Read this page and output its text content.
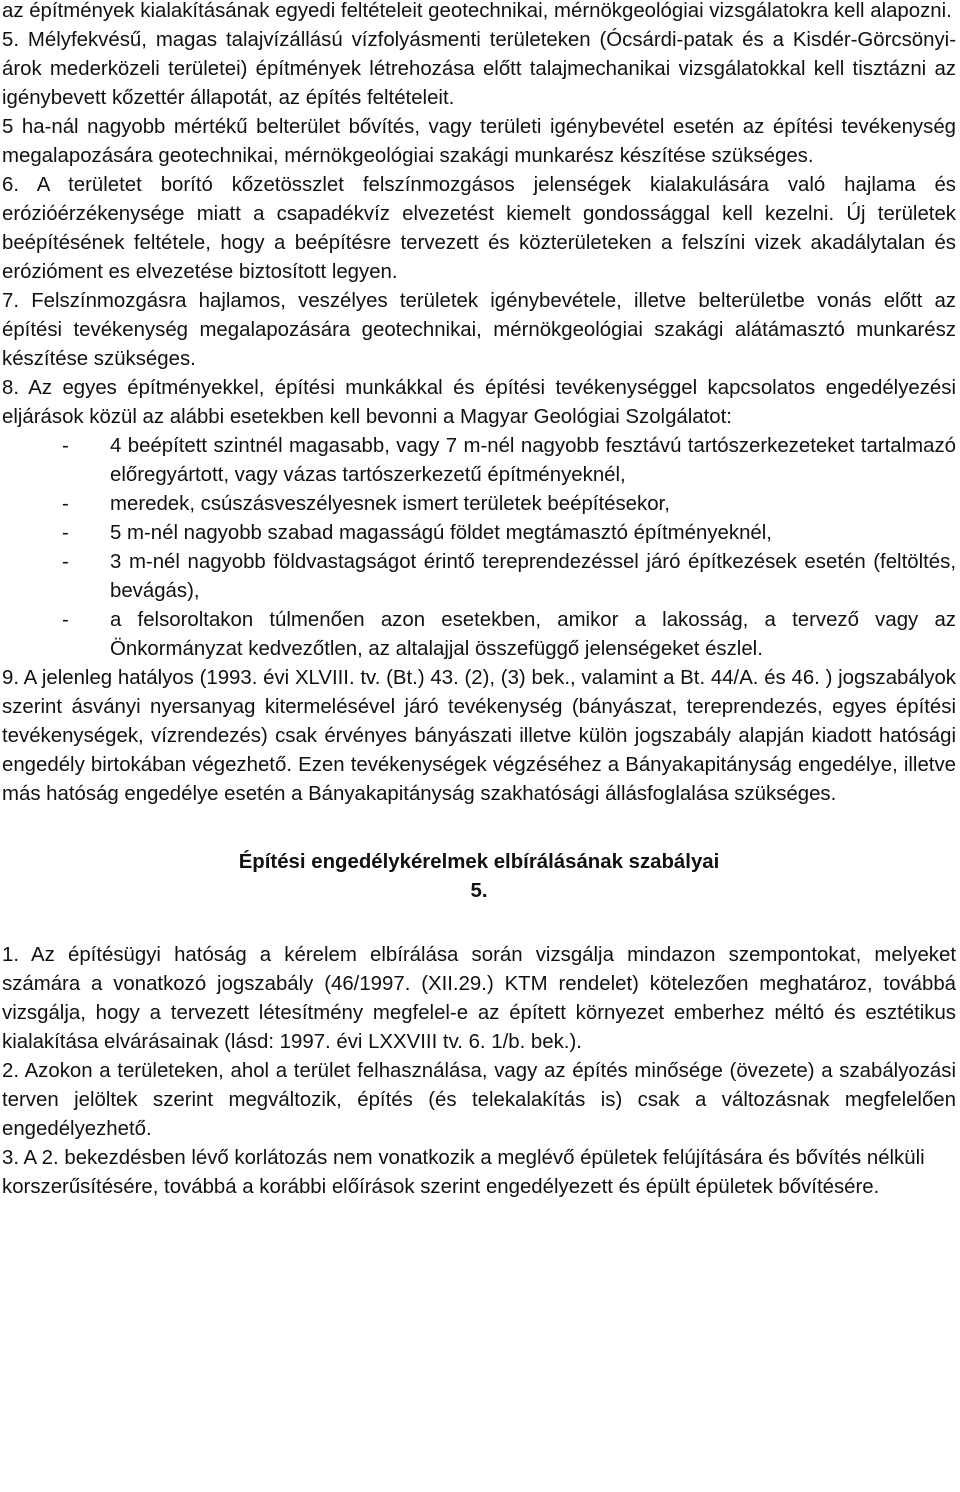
az építmények kialakításának egyedi feltételeit geotechnikai, mérnökgeológiai vizsgálatokra kell alapozni.

5. Mélyfekvésű, magas talajvízállású vízfolyásmenti területeken (Ócsárdi-patak és a Kisdér-Görcsönyi-árok mederközeli területei) építmények létrehozása előtt talajmechanikai vizsgálatokkal kell tisztázni az igénybevett kőzettér állapotát, az építés feltételeit.

5 ha-nál nagyobb mértékű belterület bővítés, vagy területi igénybevétel esetén az építési tevékenység megalapozására geotechnikai, mérnökgeológiai szakági munkarész készítése szükséges.

6. A területet borító kőzetösszlet felszínmozgásos jelenségek kialakulására való hajlama és erózióérzékenysége miatt a csapadékvíz elvezetést kiemelt gondossággal kell kezelni. Új területek beépítésének feltétele, hogy a beépítésre tervezett és közterületeken a felszíni vizek akadálytalan és erózióment es elvezetése biztosított legyen.

7. Felszínmozgásra hajlamos, veszélyes területek igénybevétele, illetve belterületbe vonás előtt az építési tevékenység megalapozására geotechnikai, mérnökgeológiai szakági alátámasztó munkarész készítése szükséges.

8. Az egyes építményekkel, építési munkákkal és építési tevékenységgel kapcsolatos engedélyezési eljárások közül az alábbi esetekben kell bevonni a Magyar Geológiai Szolgálatot:

- 4 beépített szintnél magasabb, vagy 7 m-nél nagyobb fesztávú tartószerkezeteket tartalmazó előregyártott, vagy vázas tartószerkezetű építményeknél,
- meredek, csúszásveszélyesnek ismert területek beépítésekor,
- 5 m-nél nagyobb szabad magasságú földet megtámasztó építményeknél,
- 3 m-nél nagyobb földvastagságot érintő tereprendezéssel járó építkezések esetén (feltöltés, bevágás),
- a felsoroltakon túlmenően azon esetekben, amikor a lakosság, a tervező vagy az Önkormányzat kedvezőtlen, az altalajjal összefüggő jelenségeket észlel.

9. A jelenleg hatályos (1993. évi XLVIII. tv. (Bt.) 43. (2), (3) bek., valamint a Bt. 44/A. és 46. ) jogszabályok szerint ásványi nyersanyag kitermelésével járó tevékenység (bányászat, tereprendezés, egyes építési tevékenységek, vízrendezés) csak érvényes bányászati illetve külön jogszabály alapján kiadott hatósági engedély birtokában végezhető. Ezen tevékenységek végzéséhez a Bányakapitányság engedélye, illetve más hatóság engedélye esetén a Bányakapitányság szakhatósági állásfoglalása szükséges.

Építési engedélykérelmek elbírálásának szabályai

5.

1. Az építésügyi hatóság a kérelem elbírálása során vizsgálja mindazon szempontokat, melyeket számára a vonatkozó jogszabály (46/1997. (XII.29.) KTM rendelet) kötelezően meghatároz, továbbá vizsgálja, hogy a tervezett létesítmény megfelel-e az épített környezet emberhez méltó és esztétikus kialakítása elvárásainak (lásd: 1997. évi LXXVIII tv. 6. 1/b. bek.).

2. Azokon a területeken, ahol a terület felhasználása, vagy az építés minősége (övezete) a szabályozási terven jelöltek szerint megváltozik, építés (és telekalakítás is) csak a változásnak megfelelően engedélyezhető.

3. A 2. bekezdésben lévő korlátozás nem vonatkozik a meglévő épületek felújítására és bővítés nélküli korszerűsítésére, továbbá a korábbi előírások szerint engedélyezett és épült épületek bővítésére.
